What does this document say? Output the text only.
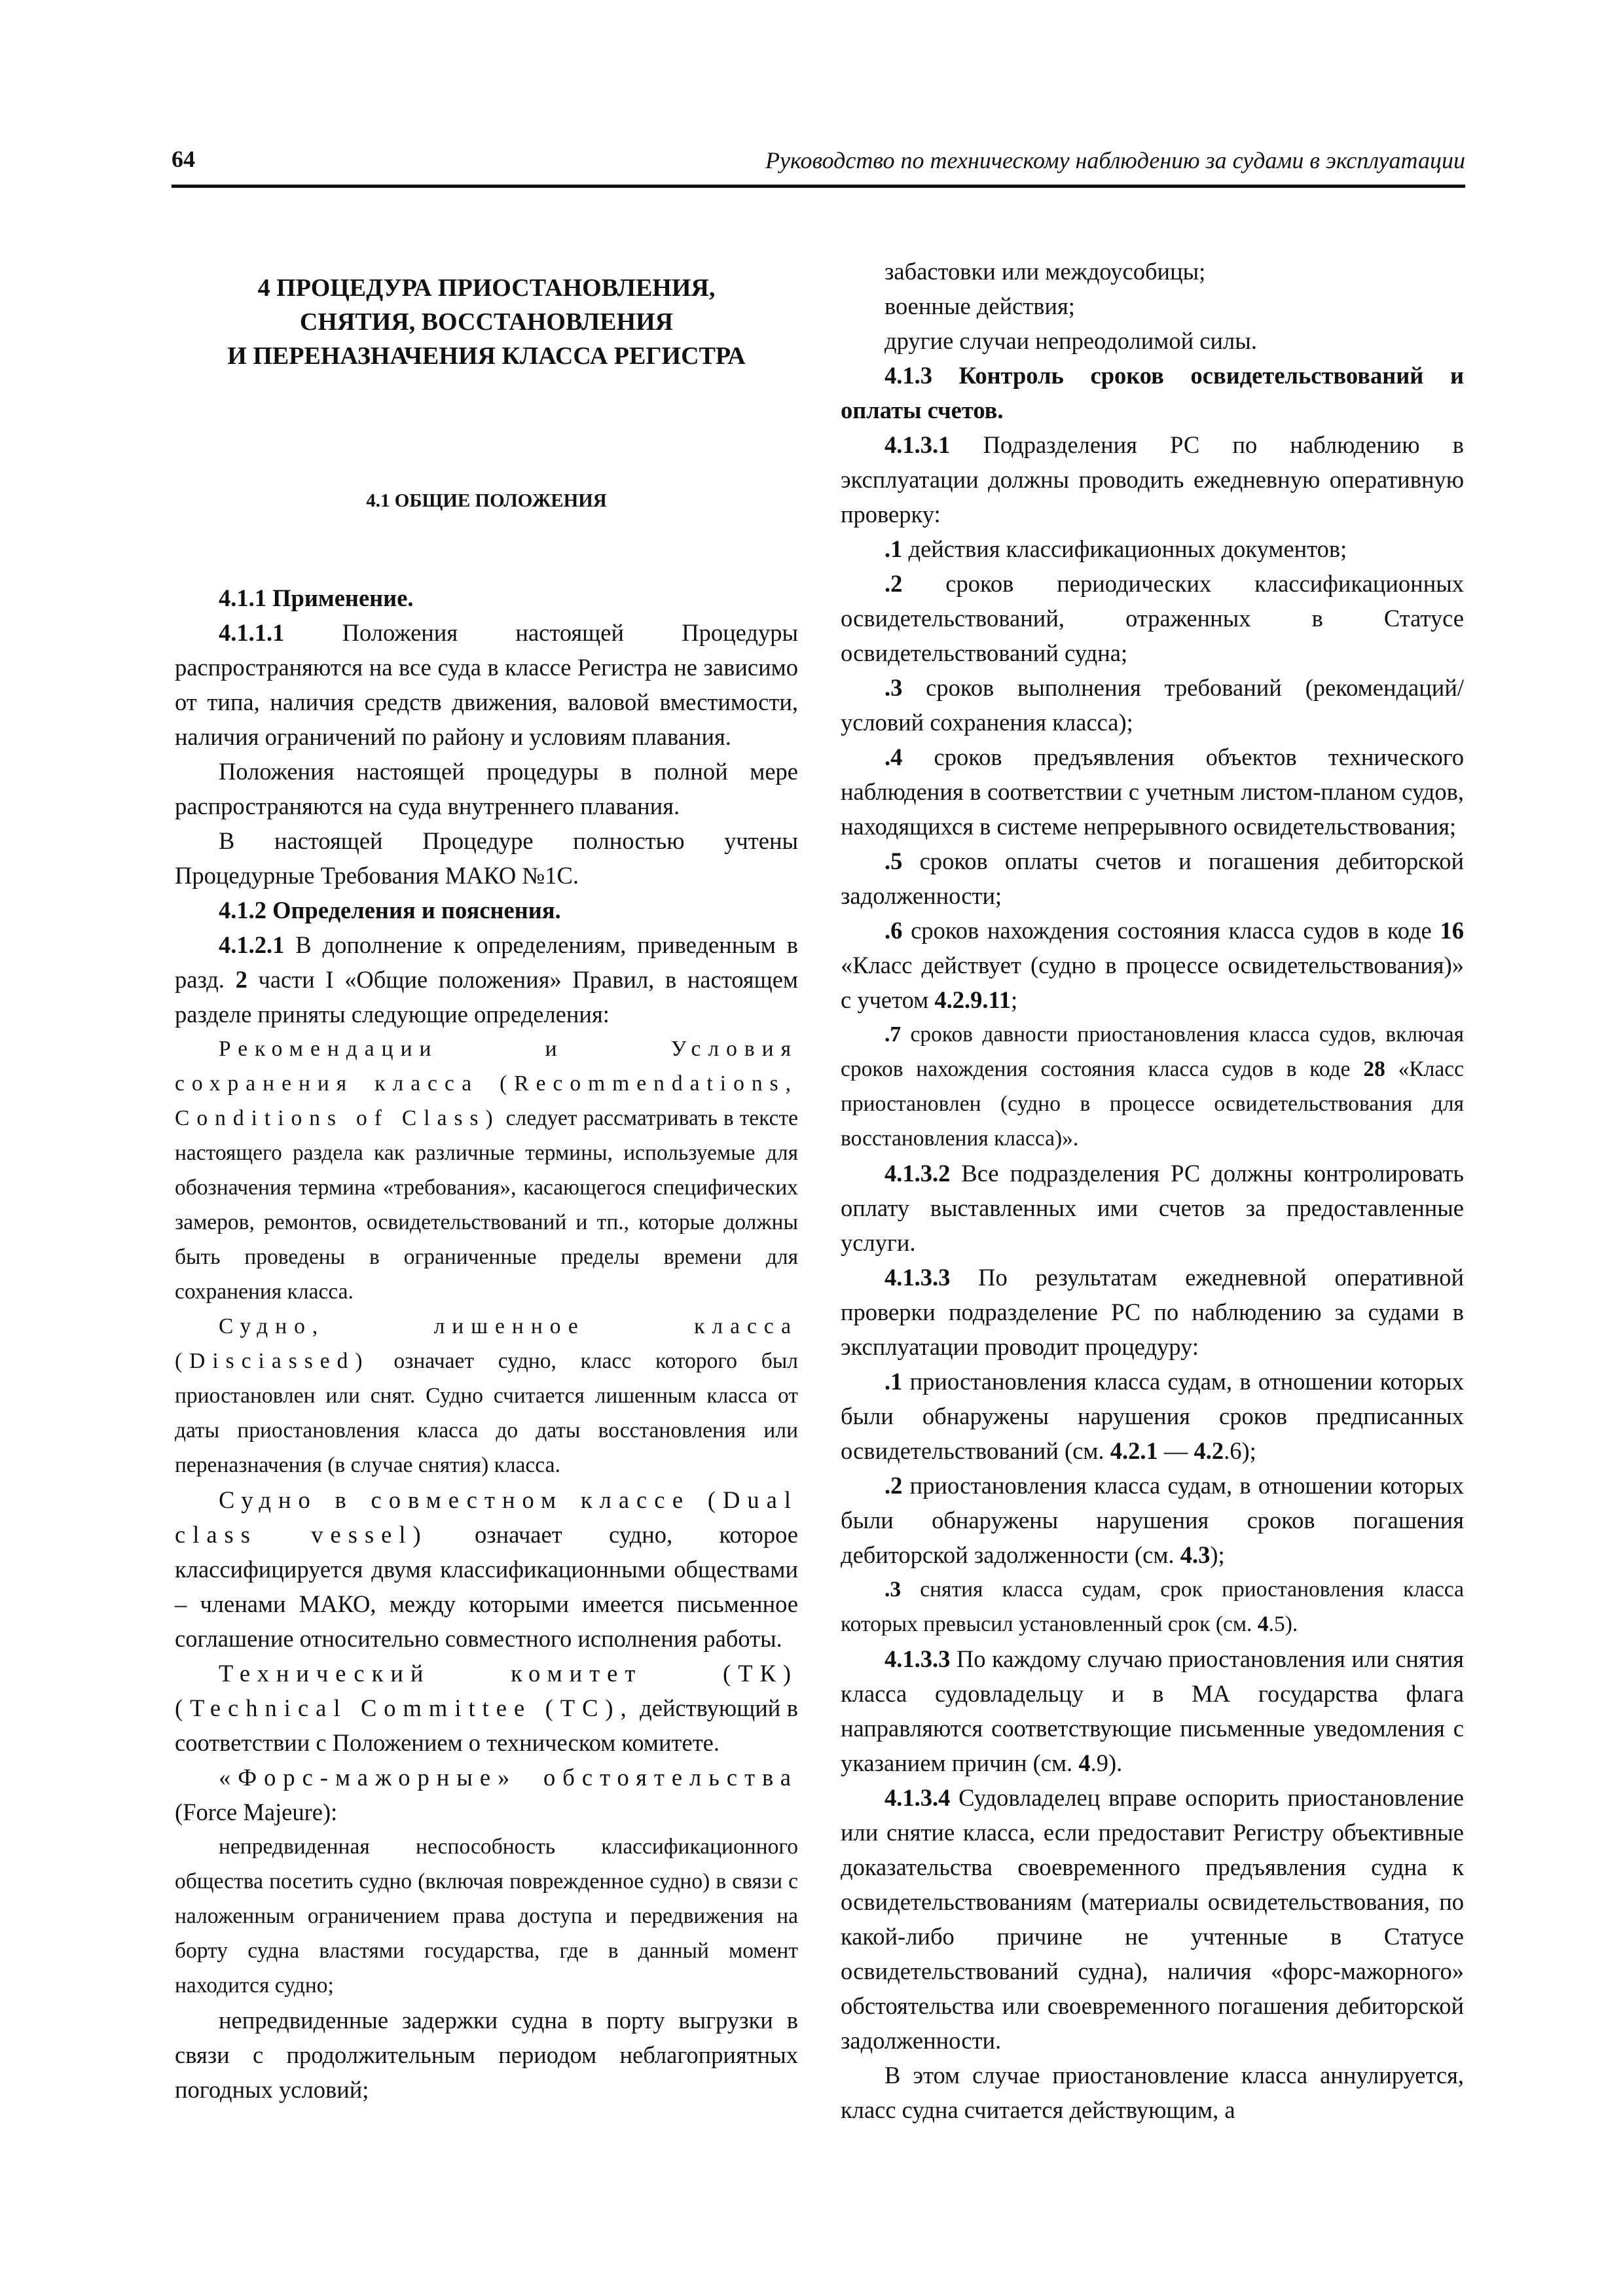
64	Руководство по техническому наблюдению за судами в эксплуатации
4 ПРОЦЕДУРА ПРИОСТАНОВЛЕНИЯ,
СНЯТИЯ, ВОССТАНОВЛЕНИЯ
И ПЕРЕНАЗНАЧЕНИЯ КЛАССА РЕГИСТРА
4.1 ОБЩИЕ ПОЛОЖЕНИЯ

4.1.1 Применение.

4.1.1.1 Положения настоящей Процедуры распространяются на все суда в классе Регистра не зависимо от типа, наличия средств движения, валовой вместимости, наличия ограничений по району и условиям плавания.

Положения настоящей процедуры в полной мере распространяются на суда внутреннего плавания.

В настоящей Процедуре полностью учтены Процедурные Требования МАКО №1С.

4.1.2 Определения и пояснения.

4.1.2.1 В дополнение к определениям, приведенным в разд. 2 части I «Общие положения» Правил, в настоящем разделе приняты следующие определения:

Рекомендации и Условия сохранения класса (Recommendations, Conditions of Class) следует рассматривать в тексте настоящего раздела как различные термины, используемые для обозначения термина «требования», касающегося специфических замеров, ремонтов, освидетельствований и тп., которые должны быть проведены в ограниченные пределы времени для сохранения класса.

Судно, лишенное класса (Disciassed) означает судно, класс которого был приостановлен или снят. Судно считается лишенным класса от даты приостановления класса до даты восстановления или переназначения (в случае снятия) класса.

Судно в совместном классе (Dual class vessel) означает судно, которое классифицируется двумя классификационными обществами – членами МАКО, между которыми имеется письменное соглашение относительно совместного исполнения работы.

Технический комитет (ТК) (Technical Committee (TC), действующий в соответствии с Положением о техническом комитете.

«Форс-мажорные» обстоятельства (Force Majeure):

непредвиденная неспособность классификационного общества посетить судно (включая поврежденное судно) в связи с наложенным ограничением права доступа и передвижения на борту судна властями государства, где в данный момент находится судно;

непредвиденные задержки судна в порту выгрузки в связи с продолжительным периодом неблагоприятных погодных условий;

забастовки или междоусобицы;

военные действия;

другие случаи непреодолимой силы.

4.1.3 Контроль сроков освидетельствований и оплаты счетов.

4.1.3.1 Подразделения РС по наблюдению в эксплуатации должны проводить ежедневную оперативную проверку:

.1 действия классификационных документов;

.2 сроков периодических классификационных освидетельствований, отраженных в Статусе освидетельствований судна;

.3 сроков выполнения требований (рекомендаций/условий сохранения класса);

.4 сроков предъявления объектов технического наблюдения в соответствии с учетным листом-планом судов, находящихся в системе непрерывного освидетельствования;

.5 сроков оплаты счетов и погашения дебиторской задолженности;

.6 сроков нахождения состояния класса судов в коде 16 «Класс действует (судно в процессе освидетельствования)» с учетом 4.2.9.11;

.7 сроков давности приостановления класса судов, включая сроков нахождения состояния класса судов в коде 28 «Класс приостановлен (судно в процессе освидетельствования для восстановления класса)».

4.1.3.2 Все подразделения РС должны контролировать оплату выставленных ими счетов за предоставленные услуги.

4.1.3.3 По результатам ежедневной оперативной проверки подразделение РС по наблюдению за судами в эксплуатации проводит процедуру:

.1 приостановления класса судам, в отношении которых были обнаружены нарушения сроков предписанных освидетельствований (см. 4.2.1 — 4.2.6);

.2 приостановления класса судам, в отношении которых были обнаружены нарушения сроков погашения дебиторской задолженности (см. 4.3);

.3 снятия класса судам, срок приостановления класса которых превысил установленный срок (см. 4.5).

4.1.3.3 По каждому случаю приостановления или снятия класса судовладельцу и в МА государства флага направляются соответствующие письменные уведомления с указанием причин (см. 4.9).

4.1.3.4 Судовладелец вправе оспорить приостановление или снятие класса, если предоставит Регистру объективные доказательства своевременного предъявления судна к освидетельствованиям (материалы освидетельствования, по какой-либо причине не учтенные в Статусе освидетельствований судна), наличия «форс-мажорного» обстоятельства или своевременного погашения дебиторской задолженности.

В этом случае приостановление класса аннулируется, класс судна считается действующим, а
